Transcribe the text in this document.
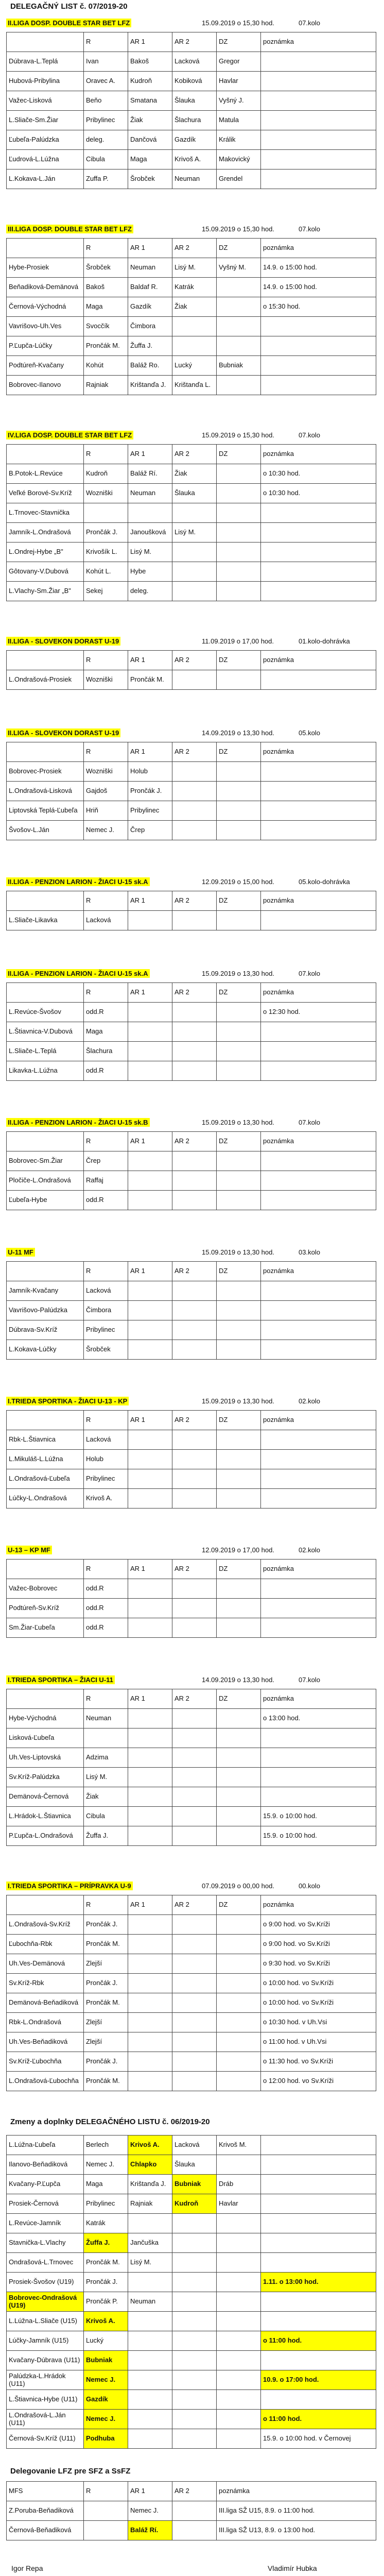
DELEGAČNÝ LIST č. 07/2019-20
II.LIGA DOSP. DOUBLE STAR BET LFZ	15.09.2019 o 15,30 hod.	07.kolo
	R	AR 1	AR 2	DZ	poznámka
Dúbrava-L.Teplá	Ivan	Bakoš	Lacková	Gregor	
Hubová-Pribylina	Oravec A.	Kudroň	Kobiková	Havlar	
Važec-Lisková	Beňo	Smatana	Šlauka	Vyšný J.	
L.Sliače-Sm.Žiar	Pribylinec	Žiak	Šlachura	Matula	
Ľubeľa-Palúdzka	deleg.	Dančová	Gazdík	Králik	
Ľudrová-L.Lúžna	Cibula	Maga	Krivoš A.	Makovický	
L.Kokava-L.Ján	Zuffa P.	Šrobček	Neuman	Grendel	
III.LIGA DOSP. DOUBLE STAR BET LFZ	15.09.2019 o 15,30 hod.	07.kolo
	R	AR 1	AR 2	DZ	poznámka
Hybe-Prosiek	Šrobček	Neuman	Lisý M.	Vyšný M.	14.9. o 15:00 hod.
Beňadiková-Demänová	Bakoš	Baldaf R.	Katrák		14.9. o 15:00 hod.
Černová-Východná	Maga	Gazdík	Žiak		o 15:30 hod.
Vavrišovo-Uh.Ves	Svocčík	Čimbora			
P.Ľupča-Lúčky	Prončák M.	Žuffa J.			
Podtúreň-Kvačany	Kohút	Baláž Ro.	Lucký	Bubniak	
Bobrovec-Ilanovo	Rajniak	Krištanďa J.	Krištanďa L.		
IV.LIGA DOSP. DOUBLE STAR BET LFZ	15.09.2019 o 15,30 hod.	07.kolo
	R	AR 1	AR 2	DZ	poznámka
B.Potok-L.Revúce	Kudroň	Baláž Rí.	Žiak		o 10:30 hod.
Veľké Borové-Sv.Kríž	Wozniški	Neuman	Šlauka		o 10:30 hod.
L.Trnovec-Stavnička					
Jamník-L.Ondrašová	Prončák J.	Janoušková	Lisý M.		
L.Ondrej-Hybe „B"	Krivošík L.	Lisý M.			
Gôtovany-V.Dubová	Kohút L.	Hybe			
L.Vlachy-Sm.Žiar „B"	Sekej	deleg.			
II.LIGA - SLOVEKON DORAST U-19	11.09.2019 o 17,00 hod.	01.kolo-dohrávka
	R	AR 1	AR 2	DZ	poznámka
L.Ondrašová-Prosiek	Wozniški	Prončák M.			
II.LIGA - SLOVEKON DORAST U-19	14.09.2019 o 13,30 hod.	05.kolo
	R	AR 1	AR 2	DZ	poznámka
Bobrovec-Prosiek	Wozniški	Holub			
L.Ondrašová-Lisková	Gajdoš	Prončák J.			
Liptovská Teplá-Ľubeľa	Hriň	Pribylinec			
Švošov-L.Ján	Nemec J.	Črep			
II.LIGA - PENZION LARION - ŽIACI U-15 sk.A	12.09.2019 o 15,00 hod.	05.kolo-dohrávka
	R	AR 1	AR 2	DZ	poznámka
L.Sliače-Likavka	Lacková				
II.LIGA - PENZION LARION - ŽIACI U-15 sk.A	15.09.2019 o 13,30 hod.	07.kolo
	R	AR 1	AR 2	DZ	poznámka
L.Revúce-Švošov	odd.R				o 12:30 hod.
L.Štiavnica-V.Dubová	Maga				
L.Sliače-L.Teplá	Šlachura				
Likavka-L.Lúžna	odd.R				
II.LIGA - PENZION LARION - ŽIACI U-15 sk.B	15.09.2019 o 13,30 hod.	07.kolo
	R	AR 1	AR 2	DZ	poznámka
Bobrovec-Sm.Žiar	Črep				
Pločiče-L.Ondrašová	Raffaj				
Ľubeľa-Hybe	odd.R				
U-11 MF	15.09.2019 o 13,30 hod.	03.kolo
	R	AR 1	AR 2	DZ	poznámka
Jamník-Kvačany	Lacková				
Vavrišovo-Palúdzka	Čimbora				
Dúbrava-Sv.Kríž	Pribylinec				
L.Kokava-Lúčky	Šrobček				
I.TRIEDA SPORTIKA - ŽIACI U-13 - KP	15.09.2019 o 13,30 hod.	02.kolo
	R	AR 1	AR 2	DZ	poznámka
Rbk-L.Štiavnica	Lacková				
L.Mikuláš-L.Lúžna	Holub				
L.Ondrašová-Ľubeľa	Pribylinec				
Lúčky-L.Ondrašová	Krivoš A.				
U-13 – KP MF	12.09.2019 o 17,00 hod.	02.kolo
	R	AR 1	AR 2	DZ	poznámka
Važec-Bobrovec	odd.R				
Podtúreň-Sv.Kríž	odd.R				
Sm.Žiar-Ľubeľa	odd.R				
I.TRIEDA SPORTIKA – ŽIACI U-11	14.09.2019 o 13,30 hod.	07.kolo
	R	AR 1	AR 2	DZ	poznámka
Hybe-Východná	Neuman				o 13:00 hod.
Lisková-Ľubeľa					
Uh.Ves-Liptovská	Adzima				
Sv.Kríž-Palúdzka	Lisý M.				
Demänová-Černová	Žiak				
L.Hrádok-L.Štiavnica	Cibula				15.9. o 10:00 hod.
P.Ľupča-L.Ondrašová	Žuffa J.				15.9. o 10:00 hod.
I.TRIEDA SPORTIKA – PRÍPRAVKA U-9	07.09.2019 o 00,00 hod.	00.kolo
	R	AR 1	AR 2	DZ	poznámka
L.Ondrašová-Sv.Kríž	Prončák J.				o 9:00 hod. vo Sv.Kríži
Ľubochňa-Rbk	Prončák M.				o 9:00 hod. vo Sv.Kríži
Uh.Ves-Demänová	Zlejší				o 9:30 hod. vo Sv.Kríži
Sv.Kríž-Rbk	Prončák J.				o 10:00 hod. vo Sv.Kríži
Demänová-Beňadiková	Prončák M.				o 10:00 hod. vo Sv.Kríži
Rbk-L.Ondrašová	Zlejší				o 10:30 hod. v Uh.Vsi
Uh.Ves-Beňadiková	Zlejší				o 11:00 hod. v Uh.Vsi
Sv.Kríž-Ľubochňa	Prončák J.				o 11:30 hod. vo Sv.Kríži
L.Ondrašová-Ľubochňa	Prončák M.				o 12:00 hod. vo Sv.Kríži
Zmeny a doplnky DELEGAČNÉHO LISTU č. 06/2019-20
L.Lúžna-Ľubeľa	Berlech	Krivoš A.	Lacková	Krivoš M.	
Ilanovo-Beňadiková	Nemec J.	Chlapko	Šlauka		
Kvačany-P.Ľupča	Maga	Krištanďa J.	Bubniak	Dráb	
Prosiek-Černová	Pribylinec	Rajniak	Kudroň	Havlar	
L.Revúce-Jamník	Katrák				
Stavnička-L.Vlachy	Žuffa J.	Jančuška			
Ondrašová-L.Trnovec	Prončák M.	Lisý M.			
Prosiek-Švošov (U19)	Prončák J.				1.11. o 13:00 hod.
Bobrovec-Ondrašová (U19)	Prončák P.	Neuman			
L.Lúžna-L.Sliače (U15)	Krivoš A.				
Lúčky-Jamník (U15)	Lucký				o 11:00 hod.
Kvačany-Dúbrava (U11)	Bubniak				
Palúdzka-L.Hrádok (U11)	Nemec J.				10.9. o 17:00 hod.
L.Štiavnica-Hybe (U11)	Gazdík				
L.Ondrašová-L.Ján (U11)	Nemec J.				o 11:00 hod.
Černová-Sv.Kríž (U11)	Podhuba				15.9. o 10:00 hod. v Černovej
Delegovanie LFZ pre SFZ a SsFZ
MFS	R	AR 1	AR 2	poznámka
Z.Poruba-Beňadiková		Nemec J.		III.liga SŽ U15, 8.9. o 11:00 hod.
Černová-Beňadiková		Baláž Rí.		III.liga SŽ U13, 8.9. o 13:00 hod.
Igor Repa	Vladimír Hubka
